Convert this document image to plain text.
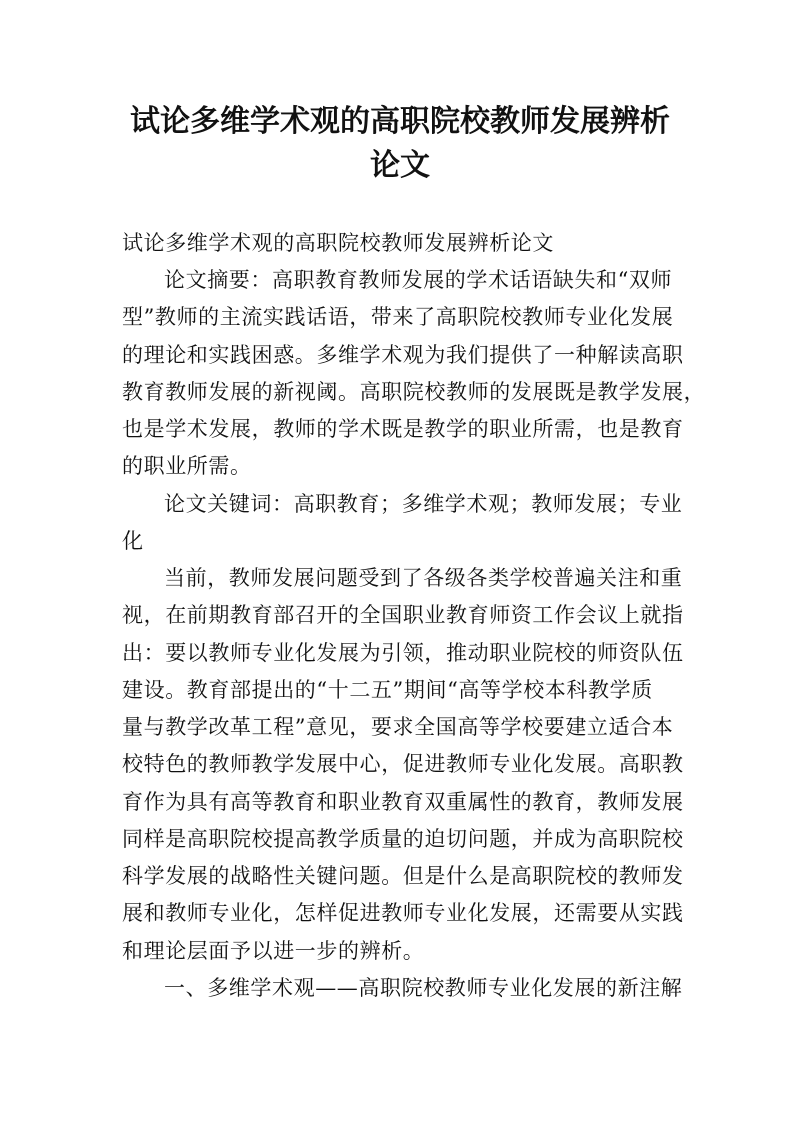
试论多维学术观的高职院校教师发展辨析
论文
试论多维学术观的高职院校教师发展辨析论文
论文摘要：高职教育教师发展的学术话语缺失和“双师
型”教师的主流实践话语，带来了高职院校教师专业化发展
的理论和实践困惑。多维学术观为我们提供了一种解读高职
教育教师发展的新视阈。高职院校教师的发展既是教学发展，
也是学术发展，教师的学术既是教学的职业所需，也是教育
的职业所需。
论文关键词：高职教育；多维学术观；教师发展；专业
化
当前，教师发展问题受到了各级各类学校普遍关注和重
视，在前期教育部召开的全国职业教育师资工作会议上就指
出：要以教师专业化发展为引领，推动职业院校的师资队伍
建设。教育部提出的“十二五”期间“高等学校本科教学质
量与教学改革工程”意见，要求全国高等学校要建立适合本
校特色的教师教学发展中心，促进教师专业化发展。高职教
育作为具有高等教育和职业教育双重属性的教育，教师发展
同样是高职院校提高教学质量的迫切问题，并成为高职院校
科学发展的战略性关键问题。但是什么是高职院校的教师发
展和教师专业化，怎样促进教师专业化发展，还需要从实践
和理论层面予以进一步的辨析。
一、多维学术观——高职院校教师专业化发展的新注解
